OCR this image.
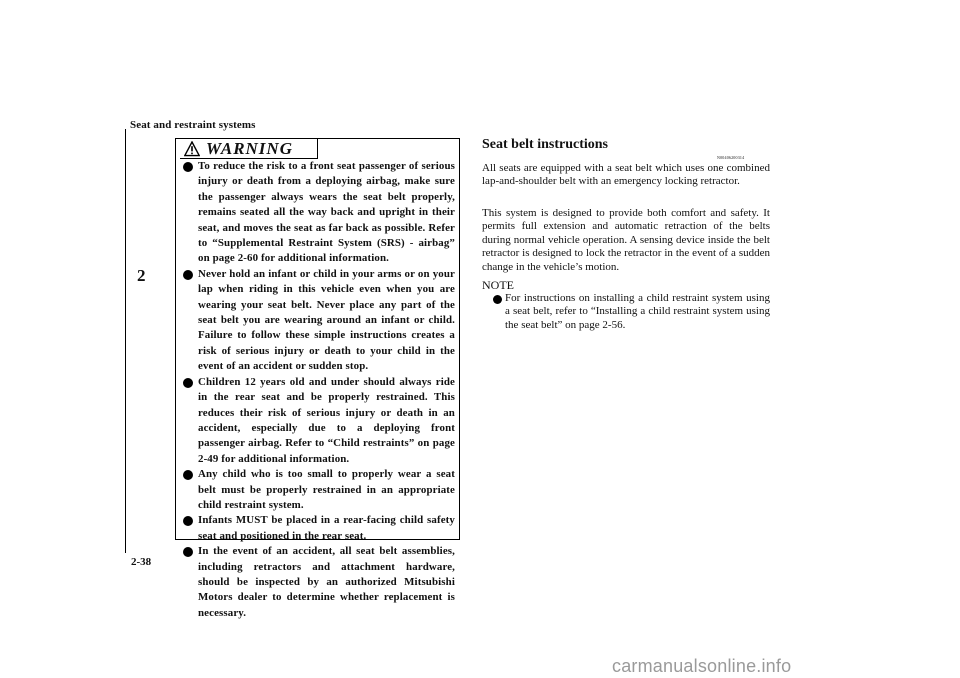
Seat and restraint systems
2
2-38
WARNING
To reduce the risk to a front seat passenger of serious injury or death from a deploying airbag, make sure the passenger always wears the seat belt properly, remains seated all the way back and upright in their seat, and moves the seat as far back as possible. Refer to “Supplemental Restraint System (SRS) - airbag” on page 2-60 for additional information.
Never hold an infant or child in your arms or on your lap when riding in this vehicle even when you are wearing your seat belt. Never place any part of the seat belt you are wearing around an infant or child. Failure to follow these simple instructions creates a risk of serious injury or death to your child in the event of an accident or sudden stop.
Children 12 years old and under should always ride in the rear seat and be properly restrained. This reduces their risk of serious injury or death in an accident, especially due to a deploying front passenger airbag. Refer to “Child restraints” on page 2-49 for additional information.
Any child who is too small to properly wear a seat belt must be properly restrained in an appropriate child restraint system.
Infants MUST be placed in a rear-facing child safety seat and positioned in the rear seat.
In the event of an accident, all seat belt assemblies, including retractors and attachment hardware, should be inspected by an authorized Mitsubishi Motors dealer to determine whether replacement is necessary.
Seat belt instructions
N00406200314
All seats are equipped with a seat belt which uses one combined lap-and-shoulder belt with an emergency locking retractor.
This system is designed to provide both comfort and safety. It permits full extension and automatic retraction of the belts during normal vehicle operation. A sensing device inside the belt retractor is designed to lock the retractor in the event of a sudden change in the vehicle’s motion.
NOTE
For instructions on installing a child restraint system using a seat belt, refer to “Installing a child restraint system using the seat belt” on page 2-56.
carmanualsonline.info
